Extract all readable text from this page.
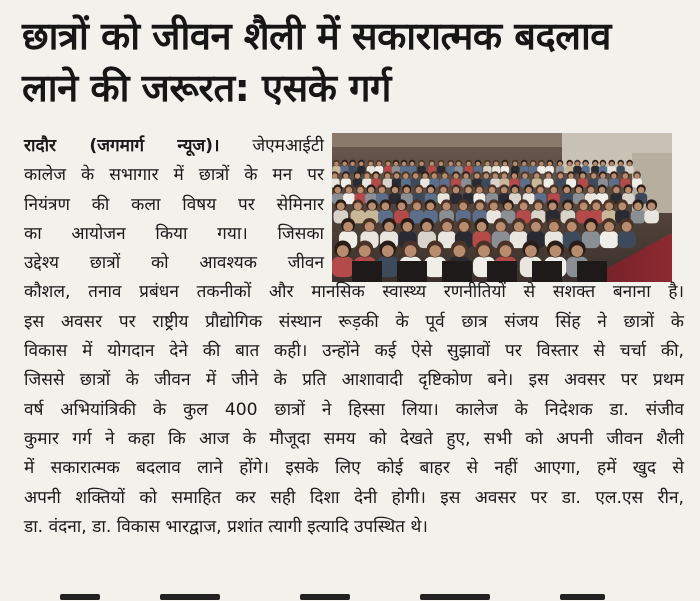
छात्रों को जीवन शैली में सकारात्मक बदलाव
लाने की जरूरत: एसके गर्ग
रादौर (जगमार्ग न्यूज)। जेएमआईटी
कालेज के सभागार में छात्रों के मन पर
नियंत्रण की कला विषय पर सेमिनार
का आयोजन किया गया। जिसका
उद्देश्य छात्रों को आवश्यक जीवन
कौशल, तनाव प्रबंधन तकनीकों और मानसिक स्वास्थ्य रणनीतियों से सशक्त बनाना है।
इस अवसर पर राष्ट्रीय प्रौद्योगिक संस्थान रूड़की के पूर्व छात्र संजय सिंह ने छात्रों के
विकास में योगदान देने की बात कही। उन्होंने कई ऐसे सुझावों पर विस्तार से चर्चा की,
जिससे छात्रों के जीवन में जीने के प्रति आशावादी दृष्टिकोण बने। इस अवसर पर प्रथम
वर्ष अभियांत्रिकी के कुल 400 छात्रों ने हिस्सा लिया। कालेज के निदेशक डा. संजीव
कुमार गर्ग ने कहा कि आज के मौजूदा समय को देखते हुए, सभी को अपनी जीवन शैली
में सकारात्मक बदलाव लाने होंगे। इसके लिए कोई बाहर से नहीं आएगा, हमें खुद से
अपनी शक्तियों को समाहित कर सही दिशा देनी होगी। इस अवसर पर डा. एल.एस रीन,
डा. वंदना, डा. विकास भारद्वाज, प्रशांत त्यागी इत्यादि उपस्थित थे।
